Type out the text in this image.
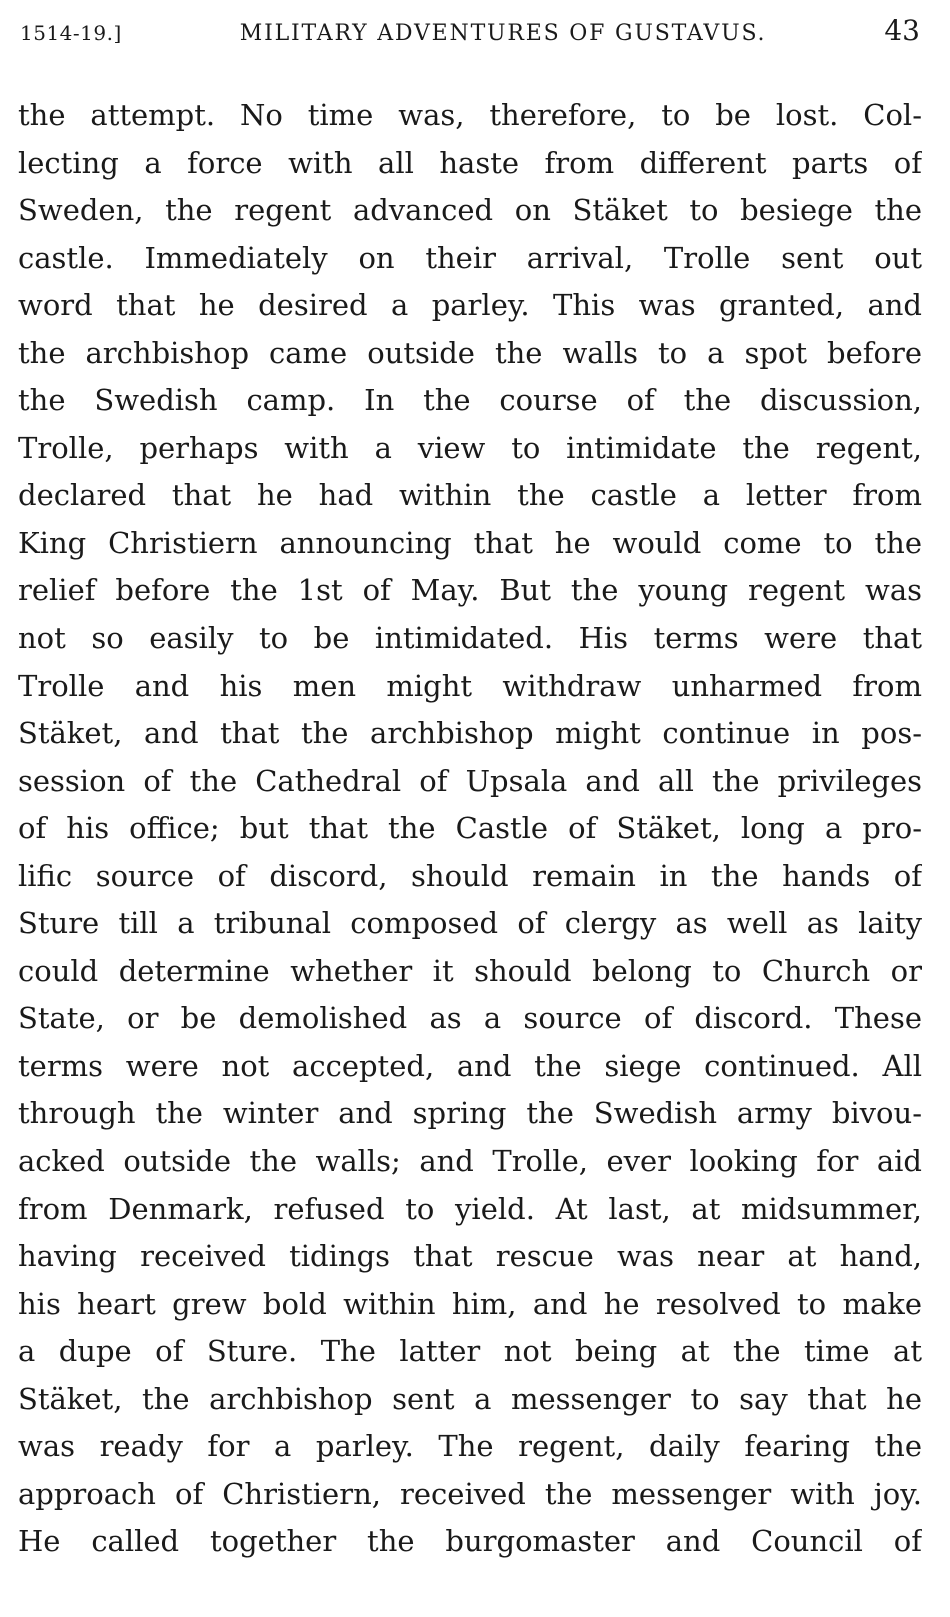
1514-19.]	MILITARY ADVENTURES OF GUSTAVUS.	43
the attempt. No time was, therefore, to be lost. Col-
lecting a force with all haste from different parts of
Sweden, the regent advanced on Stäket to besiege the
castle. Immediately on their arrival, Trolle sent out
word that he desired a parley. This was granted, and
the archbishop came outside the walls to a spot before
the Swedish camp. In the course of the discussion,
Trolle, perhaps with a view to intimidate the regent,
declared that he had within the castle a letter from
King Christiern announcing that he would come to the
relief before the 1st of May. But the young regent was
not so easily to be intimidated. His terms were that
Trolle and his men might withdraw unharmed from
Stäket, and that the archbishop might continue in pos-
session of the Cathedral of Upsala and all the privileges
of his office; but that the Castle of Stäket, long a pro-
lific source of discord, should remain in the hands of
Sture till a tribunal composed of clergy as well as laity
could determine whether it should belong to Church or
State, or be demolished as a source of discord. These
terms were not accepted, and the siege continued. All
through the winter and spring the Swedish army bivou-
acked outside the walls; and Trolle, ever looking for aid
from Denmark, refused to yield. At last, at midsummer,
having received tidings that rescue was near at hand,
his heart grew bold within him, and he resolved to make
a dupe of Sture. The latter not being at the time at
Stäket, the archbishop sent a messenger to say that he
was ready for a parley. The regent, daily fearing the
approach of Christiern, received the messenger with joy.
He called together the burgomaster and Council of
